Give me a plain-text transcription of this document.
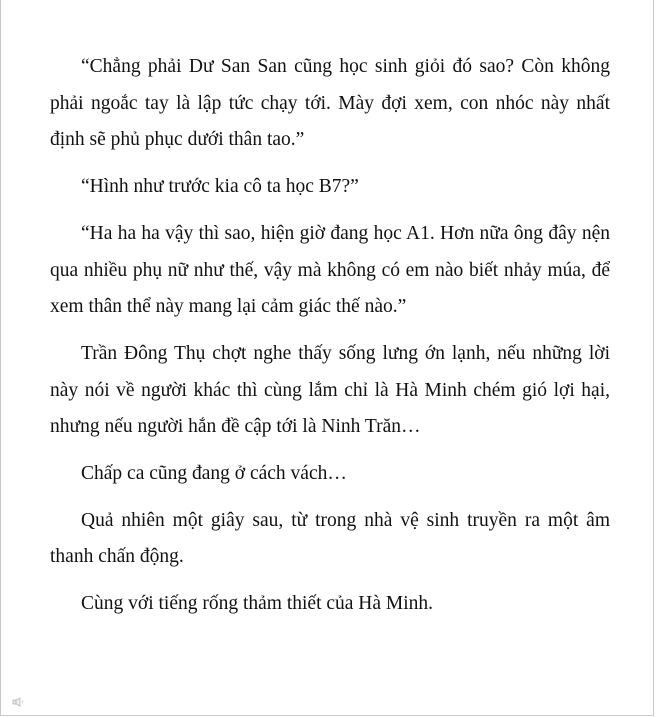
“Chẳng phải Dư San San cũng học sinh giỏi đó sao? Còn không phải ngoắc tay là lập tức chạy tới. Mày đợi xem, con nhóc này nhất định sẽ phủ phục dưới thân tao.”

“Hình như trước kia cô ta học B7?”

“Ha ha ha vậy thì sao, hiện giờ đang học A1. Hơn nữa ông đây nện qua nhiều phụ nữ như thế, vậy mà không có em nào biết nhảy múa, để xem thân thể này mang lại cảm giác thế nào.”

Trần Đông Thụ chợt nghe thấy sống lưng ớn lạnh, nếu những lời này nói về người khác thì cùng lắm chỉ là Hà Minh chém gió lợi hại, nhưng nếu người hắn đề cập tới là Ninh Trăn…

Chấp ca cũng đang ở cách vách…

Quả nhiên một giây sau, từ trong nhà vệ sinh truyền ra một âm thanh chấn động.

Cùng với tiếng rống thảm thiết của Hà Minh.
